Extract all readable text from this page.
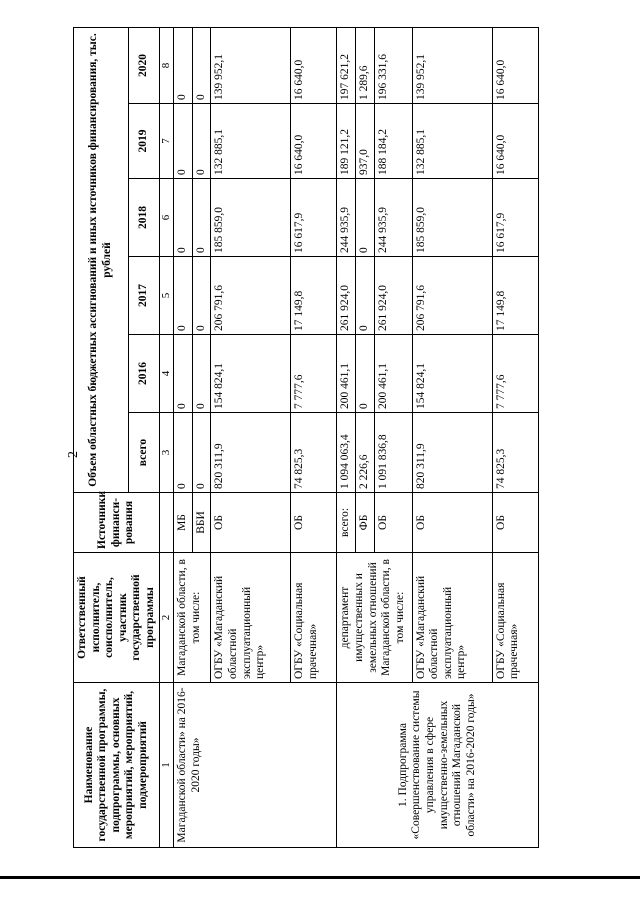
2
Наименование государственной программы, подпрограммы, основных мероприятий, мероприятий, подмероприятий	Ответственный исполнитель, соисполнитель, участник государственной программы	Источники финанси-рования	Объем областных бюджетных ассигнований и иных источников финансирования, тыс. рублей					
			всего	2016	2017	2018	2019	2020
1	2		3	4	5	6	7	8
Магаданской области» на 2016-2020 годы»	Магаданской области, в том числе:	МБ	0	0	0	0	0	0
		ВБИ	0	0	0	0	0	0
	ОГБУ «Магаданский областной эксплуатационный центр»	ОБ	820 311,9	154 824,1	206 791,6	185 859,0	132 885,1	139 952,1
	ОГБУ «Социальная прачечная»	ОБ	74 825,3	7 777,6	17 149,8	16 617,9	16 640,0	16 640,0
1. Подпрограмма «Совершенствование системы управления в сфере имущественно-земельных отношений Магаданской области» на 2016-2020 годы»	департамент имущественных и земельных отношений Магаданской области, в том числе:	всего:	1 094 063,4	200 461,1	261 924,0	244 935,9	189 121,2	197 621,2
		ФБ	2 226,6	0	0	0	937,0	1 289,6
		ОБ	1 091 836,8	200 461,1	261 924,0	244 935,9	188 184,2	196 331,6
	ОГБУ «Магаданский областной эксплуатационный центр»	ОБ	820 311,9	154 824,1	206 791,6	185 859,0	132 885,1	139 952,1
	ОГБУ «Социальная прачечная»	ОБ	74 825,3	7 777,6	17 149,8	16 617,9	16 640,0	16 640,0
